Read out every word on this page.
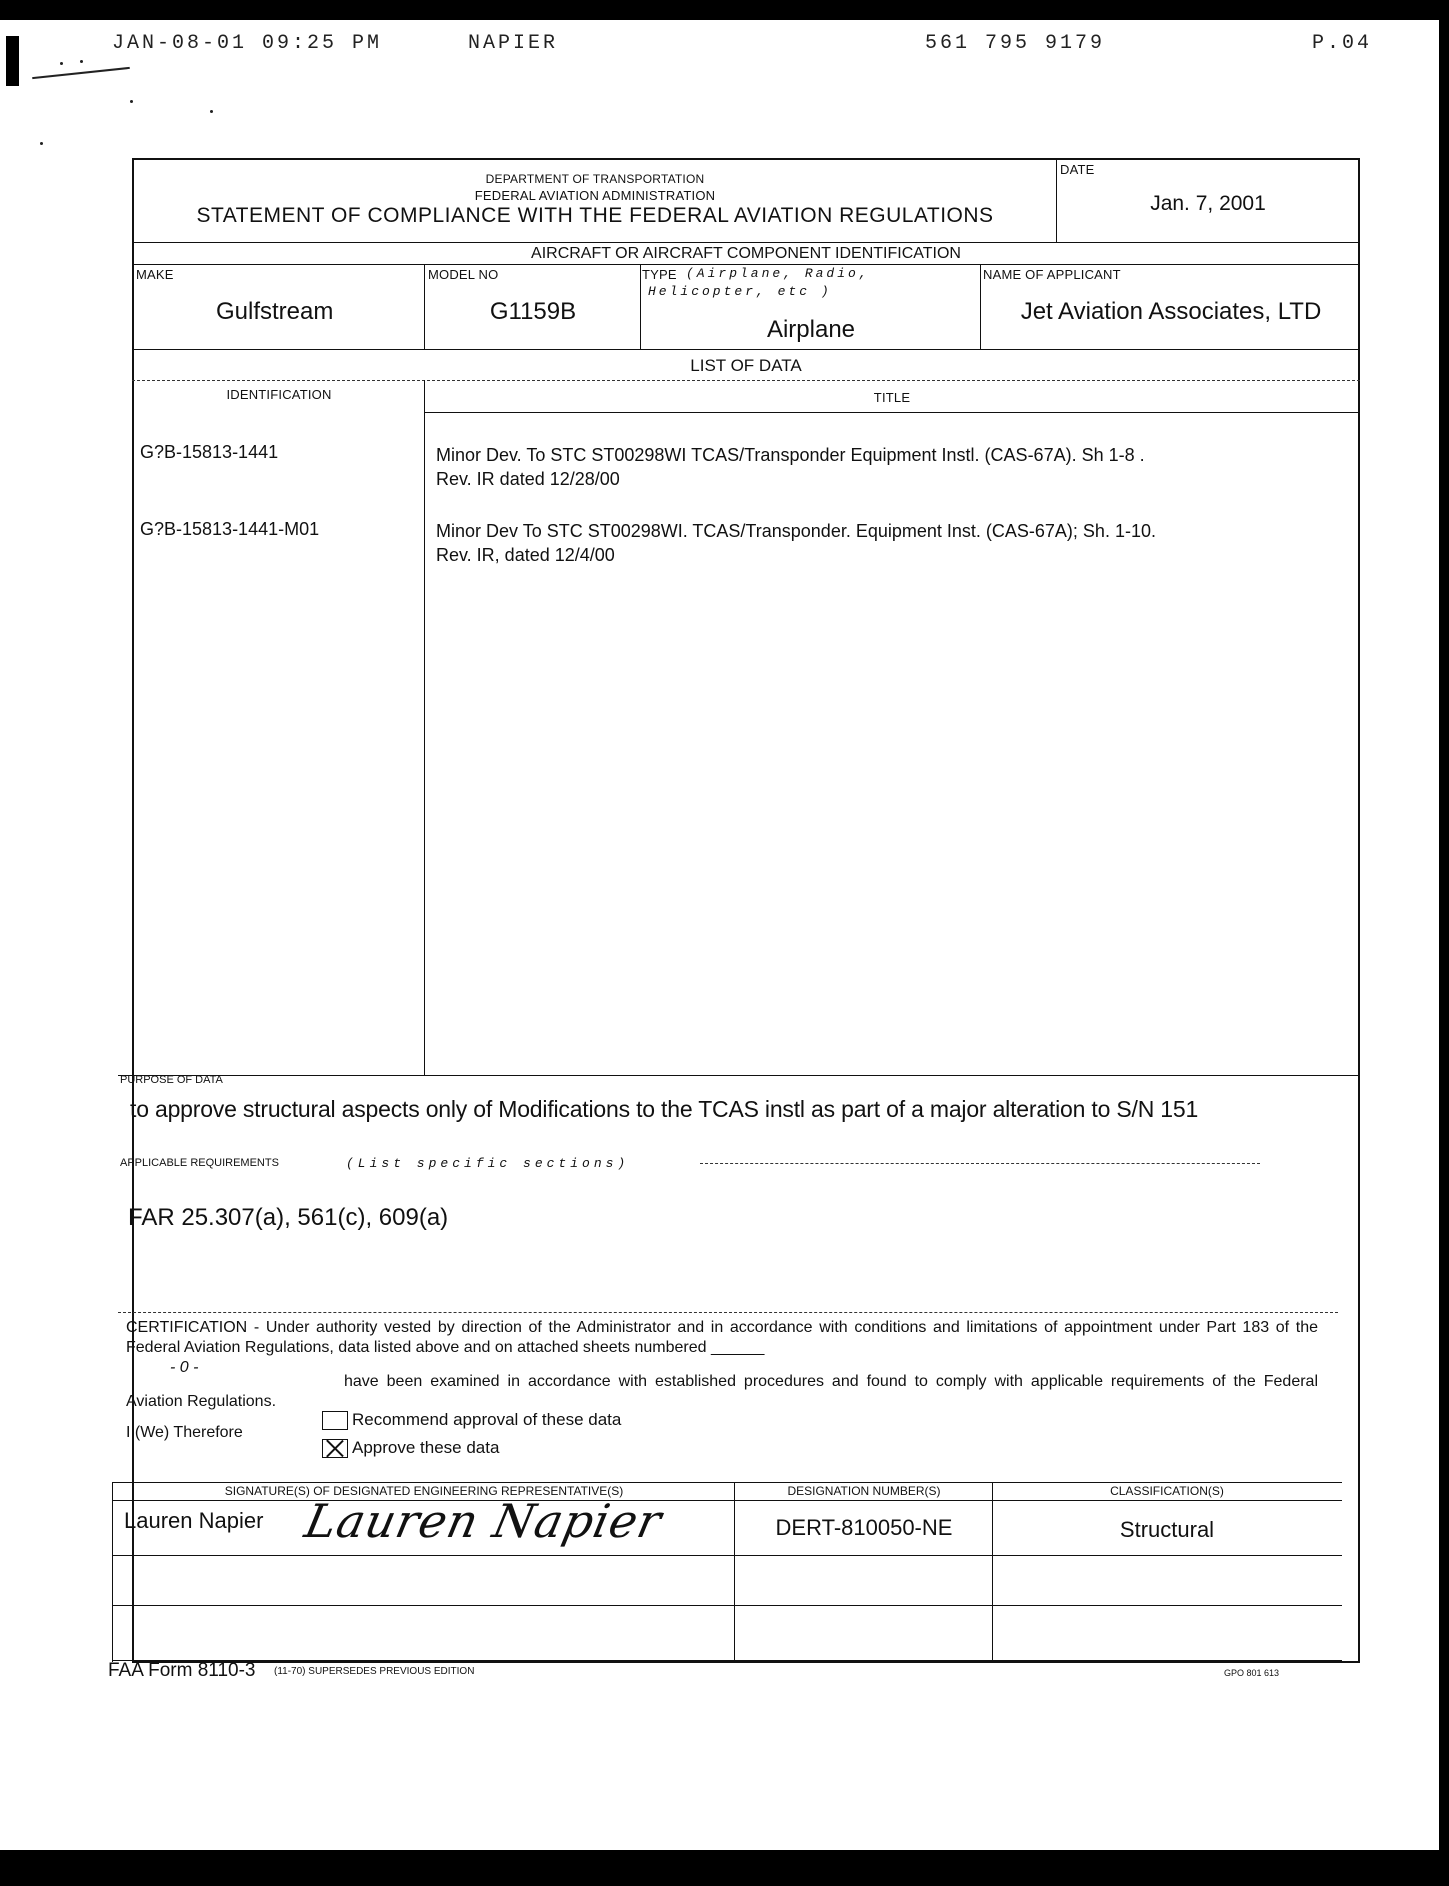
JAN-08-01 09:25 PM	NAPIER	561 795 9179	P.04
DEPARTMENT OF TRANSPORTATION
FEDERAL AVIATION ADMINISTRATION
STATEMENT OF COMPLIANCE WITH THE FEDERAL AVIATION REGULATIONS
DATE
Jan. 7, 2001
AIRCRAFT OR AIRCRAFT COMPONENT IDENTIFICATION
MAKE
Gulfstream
MODEL NO
G1159B
TYPE (Airplane, Radio,
Helicopter, etc )
Airplane
NAME OF APPLICANT
Jet Aviation Associates, LTD
LIST OF DATA
IDENTIFICATION	TITLE
G?B-15813-1441	Minor Dev. To STC ST00298WI TCAS/Transponder Equipment Instl. (CAS-67A). Sh 1-8 .
Rev. IR dated 12/28/00
G?B-15813-1441-M01	Minor Dev To STC ST00298WI. TCAS/Transponder. Equipment Inst. (CAS-67A); Sh. 1-10.
Rev. IR, dated 12/4/00
PURPOSE OF DATA
to approve structural aspects only of Modifications to the TCAS instl as part of a major alteration to S/N 151
APPLICABLE REQUIREMENTS	(List specific sections)
FAR 25.307(a), 561(c), 609(a)
CERTIFICATION - Under authority vested by direction of the Administrator and in accordance with conditions and limitations of appointment under Part 183 of the Federal Aviation Regulations, data listed above and on attached sheets numbered ______
- 0 -
have been examined in accordance with established procedures and found to comply with applicable requirements of the Federal Aviation Regulations.
I (We) Therefore
Recommend approval of these data
Approve these data
SIGNATURE(S) OF DESIGNATED ENGINEERING REPRESENTATIVE(S)	DESIGNATION NUMBER(S)	CLASSIFICATION(S)
Lauren Napier Lauren Napier	DERT-810050-NE	Structural
FAA Form 8110-3 (11-70) SUPERSEDES PREVIOUS EDITION	GPO 801 613
